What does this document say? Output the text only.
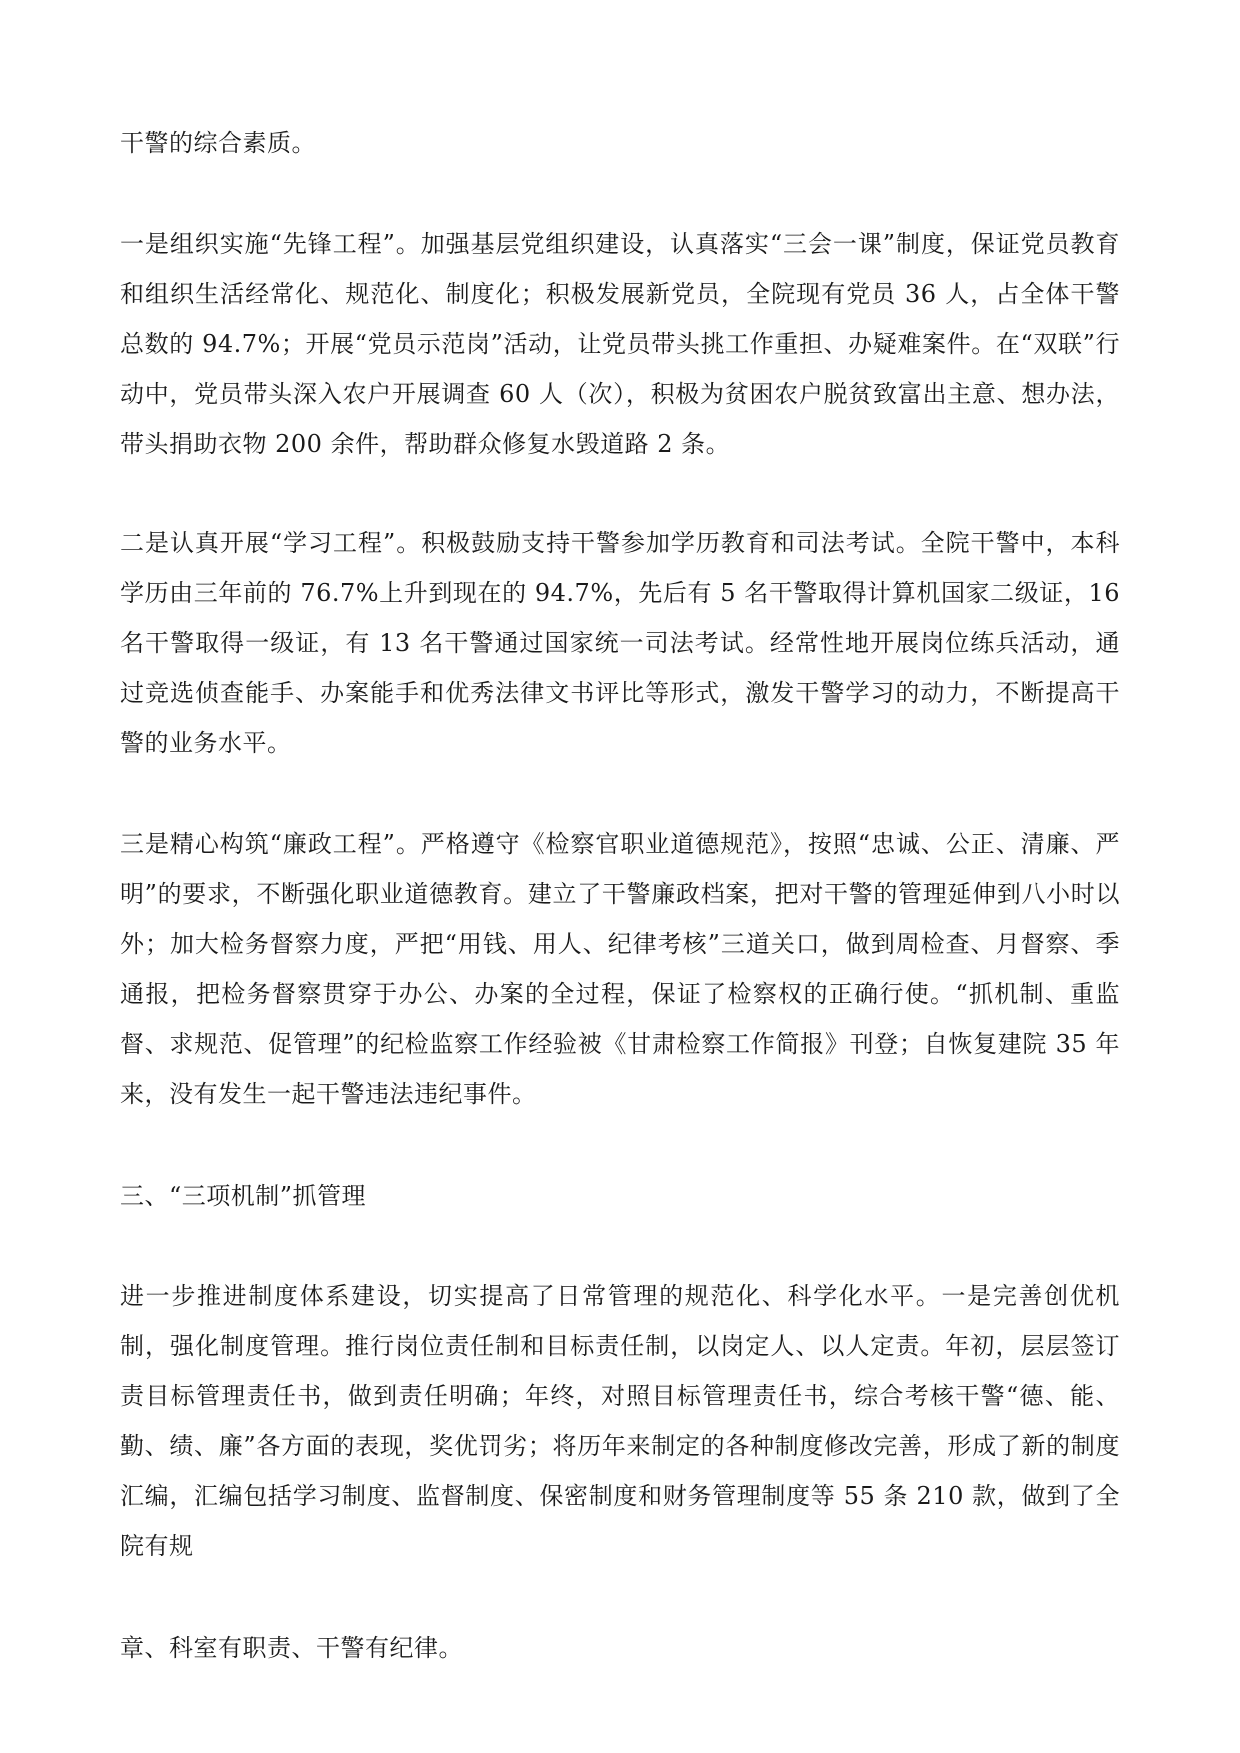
干警的综合素质。

一是组织实施“先锋工程”。加强基层党组织建设，认真落实“三会一课”制度，保证党员教育和组织生活经常化、规范化、制度化；积极发展新党员，全院现有党员 36 人，占全体干警总数的 94.7%；开展“党员示范岗”活动，让党员带头挑工作重担、办疑难案件。在“双联”行动中，党员带头深入农户开展调查 60 人（次），积极为贫困农户脱贫致富出主意、想办法，带头捐助衣物 200 余件，帮助群众修复水毁道路 2 条。

二是认真开展“学习工程”。积极鼓励支持干警参加学历教育和司法考试。全院干警中，本科学历由三年前的 76.7%上升到现在的 94.7%，先后有 5 名干警取得计算机国家二级证，16 名干警取得一级证，有 13 名干警通过国家统一司法考试。经常性地开展岗位练兵活动，通过竞选侦查能手、办案能手和优秀法律文书评比等形式，激发干警学习的动力，不断提高干警的业务水平。

三是精心构筑“廉政工程”。严格遵守《检察官职业道德规范》，按照“忠诚、公正、清廉、严明”的要求，不断强化职业道德教育。建立了干警廉政档案，把对干警的管理延伸到八小时以外；加大检务督察力度，严把“用钱、用人、纪律考核”三道关口，做到周检查、月督察、季通报，把检务督察贯穿于办公、办案的全过程，保证了检察权的正确行使。“抓机制、重监督、求规范、促管理”的纪检监察工作经验被《甘肃检察工作简报》刊登；自恢复建院 35 年来，没有发生一起干警违法违纪事件。

三、“三项机制”抓管理

进一步推进制度体系建设，切实提高了日常管理的规范化、科学化水平。一是完善创优机制，强化制度管理。推行岗位责任制和目标责任制，以岗定人、以人定责。年初，层层签订责目标管理责任书，做到责任明确；年终，对照目标管理责任书，综合考核干警“德、能、勤、绩、廉”各方面的表现，奖优罚劣；将历年来制定的各种制度修改完善，形成了新的制度汇编，汇编包括学习制度、监督制度、保密制度和财务管理制度等 55 条 210 款，做到了全院有规

章、科室有职责、干警有纪律。
